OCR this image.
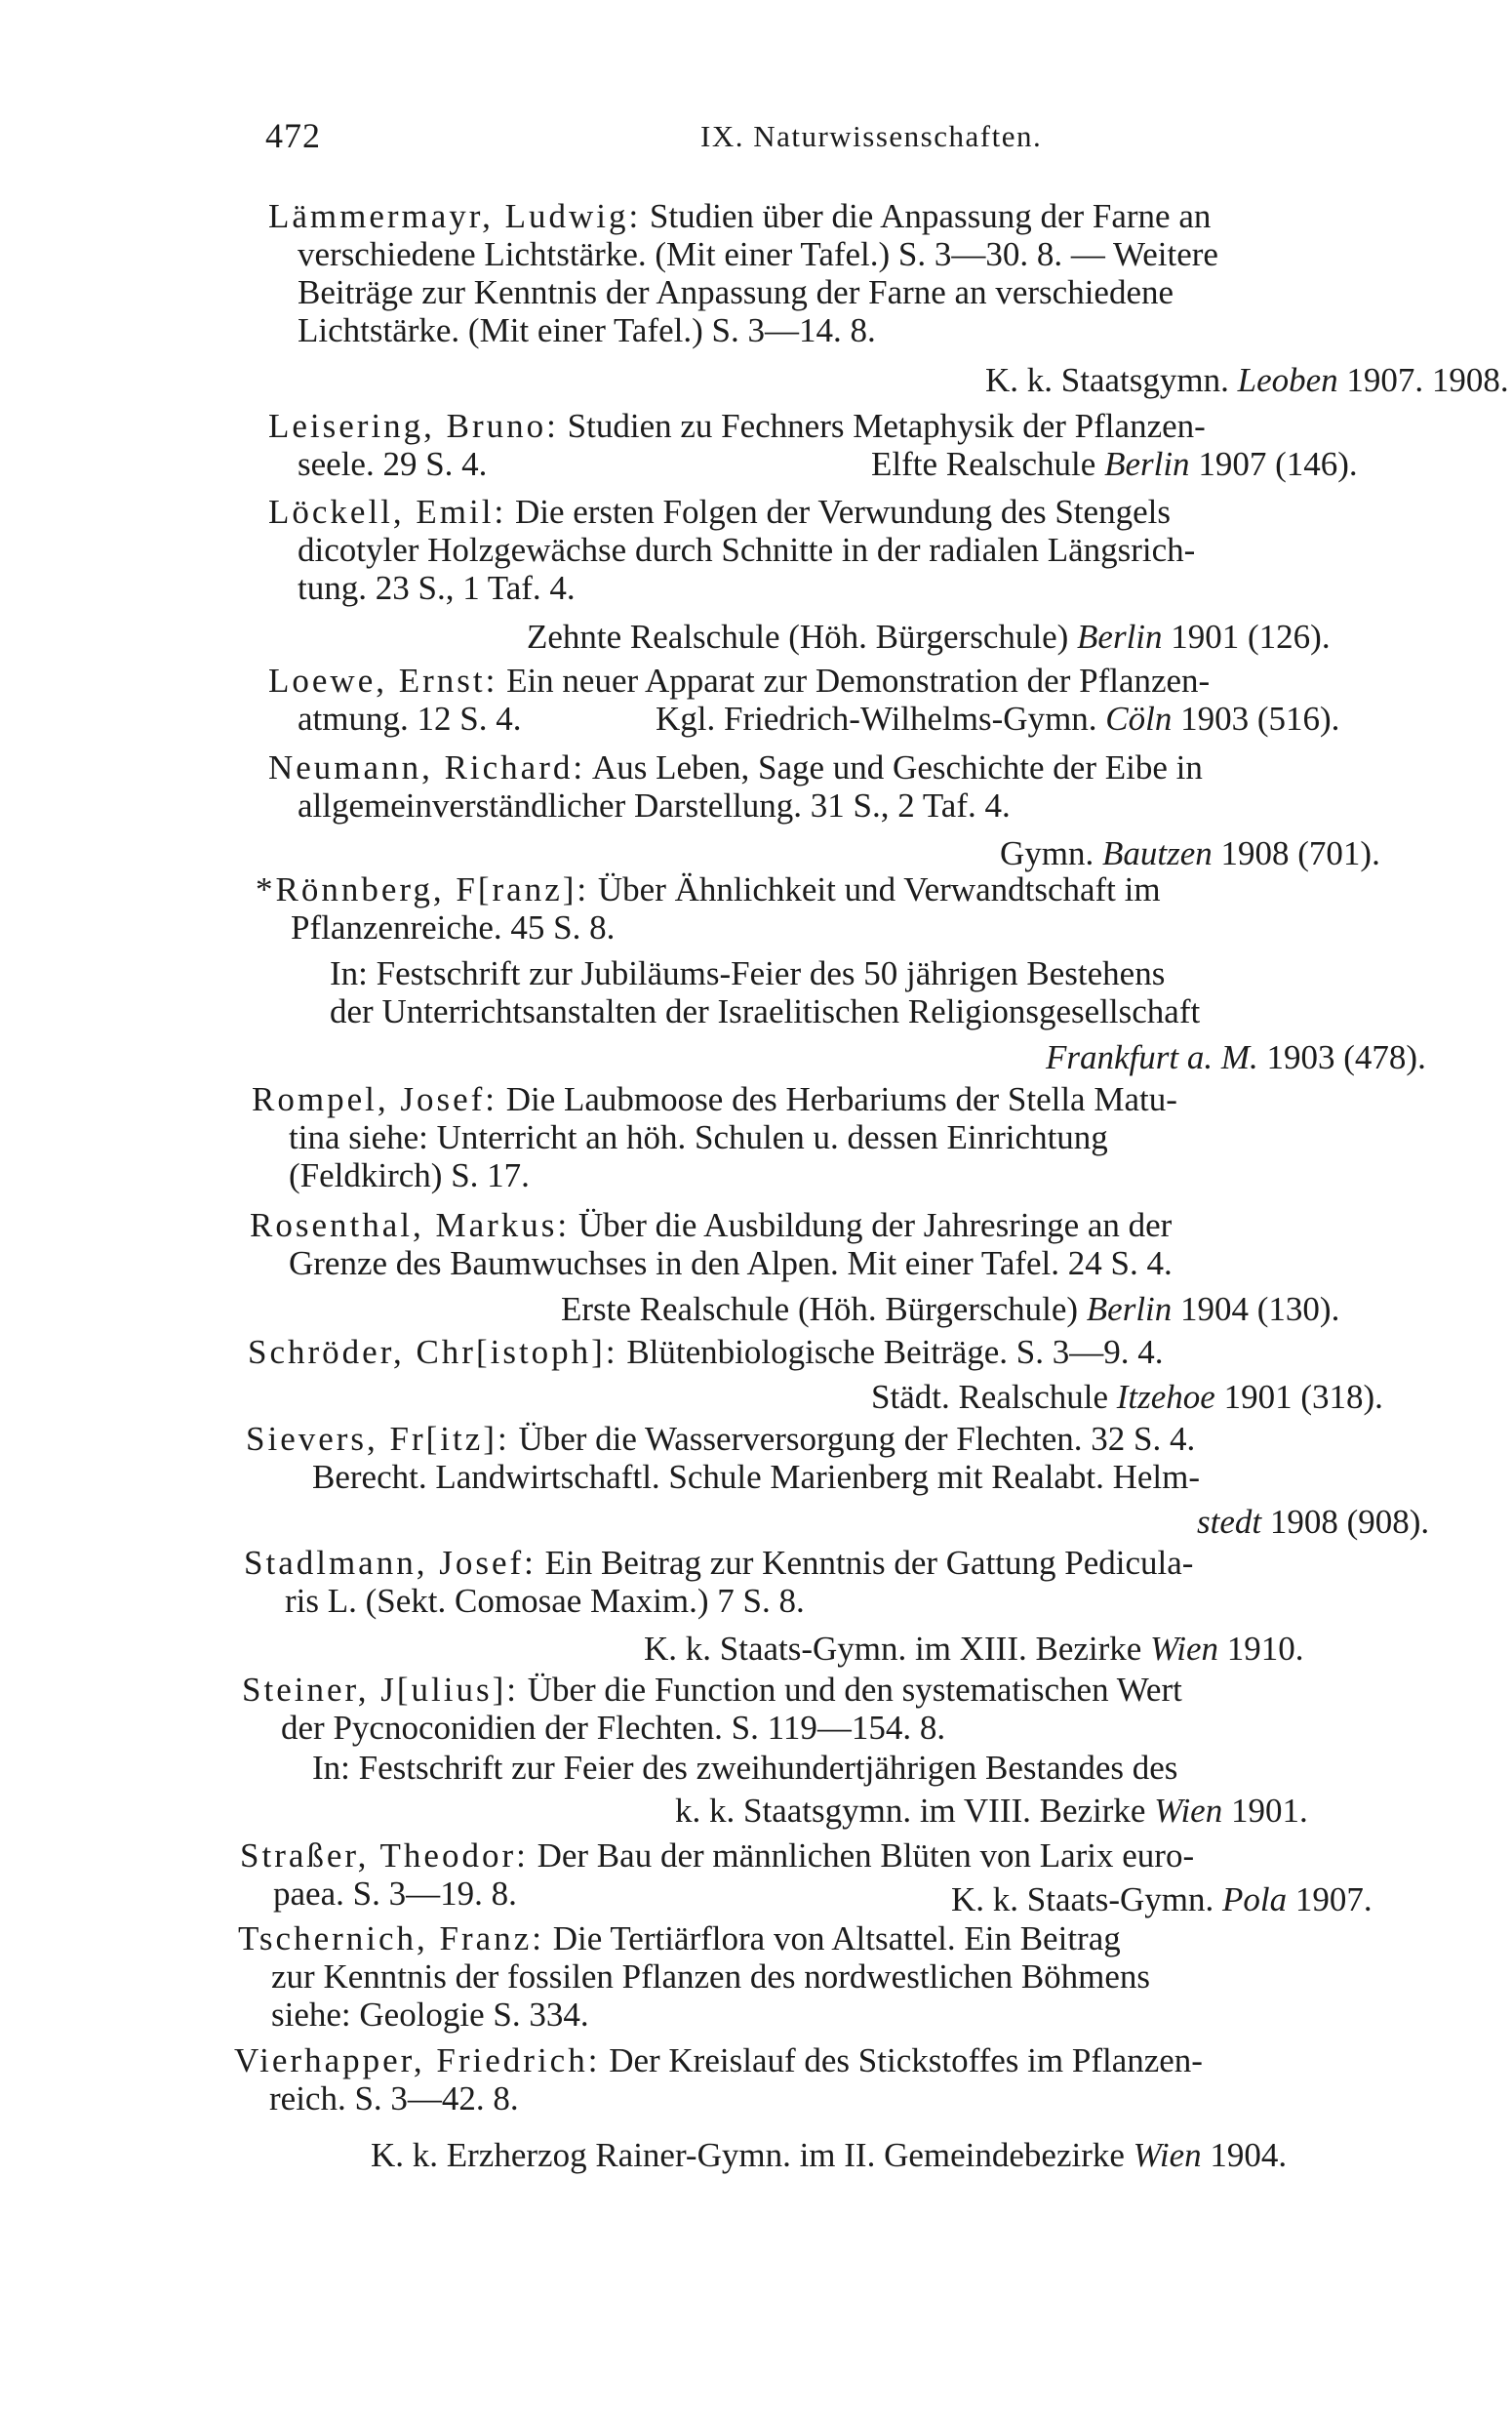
472	IX. Naturwissenschaften.
Lämmermayr, Ludwig: Studien über die Anpassung der Farne an
verschiedene Lichtstärke. (Mit einer Tafel.) S. 3—30. 8. — Weitere
Beiträge zur Kenntnis der Anpassung der Farne an verschiedene
Lichtstärke. (Mit einer Tafel.) S. 3—14. 8.
K. k. Staatsgymn. Leoben 1907. 1908.
Leisering, Bruno: Studien zu Fechners Metaphysik der Pflanzen-
seele. 29 S. 4.	Elfte Realschule Berlin 1907 (146).
Löckell, Emil: Die ersten Folgen der Verwundung des Stengels
dicotyler Holzgewächse durch Schnitte in der radialen Längsrich-
tung. 23 S., 1 Taf. 4.
Zehnte Realschule (Höh. Bürgerschule) Berlin 1901 (126).
Loewe, Ernst: Ein neuer Apparat zur Demonstration der Pflanzen-
atmung. 12 S. 4.	Kgl. Friedrich-Wilhelms-Gymn. Cöln 1903 (516).
Neumann, Richard: Aus Leben, Sage und Geschichte der Eibe in
allgemeinverständlicher Darstellung. 31 S., 2 Taf. 4.
Gymn. Bautzen 1908 (701).
*Rönnberg, F[ranz]: Über Ähnlichkeit und Verwandtschaft im
Pflanzenreiche. 45 S. 8.
In: Festschrift zur Jubiläums-Feier des 50 jährigen Bestehens
der Unterrichtsanstalten der Israelitischen Religionsgesellschaft
Frankfurt a. M. 1903 (478).
Rompel, Josef: Die Laubmoose des Herbariums der Stella Matu-
tina siehe: Unterricht an höh. Schulen u. dessen Einrichtung
(Feldkirch) S. 17.
Rosenthal, Markus: Über die Ausbildung der Jahresringe an der
Grenze des Baumwuchses in den Alpen. Mit einer Tafel. 24 S. 4.
Erste Realschule (Höh. Bürgerschule) Berlin 1904 (130).
Schröder, Chr[istoph]: Blütenbiologische Beiträge. S. 3—9. 4.
Städt. Realschule Itzehoe 1901 (318).
Sievers, Fr[itz]: Über die Wasserversorgung der Flechten. 32 S. 4.
Berecht. Landwirtschaftl. Schule Marienberg mit Realabt. Helm-
stedt 1908 (908).
Stadlmann, Josef: Ein Beitrag zur Kenntnis der Gattung Pedicula-
ris L. (Sekt. Comosae Maxim.) 7 S. 8.
K. k. Staats-Gymn. im XIII. Bezirke Wien 1910.
Steiner, J[ulius]: Über die Function und den systematischen Wert
der Pycnoconidien der Flechten. S. 119—154. 8.
In: Festschrift zur Feier des zweihundertjährigen Bestandes des
k. k. Staatsgymn. im VIII. Bezirke Wien 1901.
Straßer, Theodor: Der Bau der männlichen Blüten von Larix euro-
paea. S. 3—19. 8.	K. k. Staats-Gymn. Pola 1907.
Tschernich, Franz: Die Tertiärflora von Altsattel. Ein Beitrag
zur Kenntnis der fossilen Pflanzen des nordwestlichen Böhmens
siehe: Geologie S. 334.
Vierhapper, Friedrich: Der Kreislauf des Stickstoffes im Pflanzen-
reich. S. 3—42. 8.
K. k. Erzherzog Rainer-Gymn. im II. Gemeindebezirke Wien 1904.
